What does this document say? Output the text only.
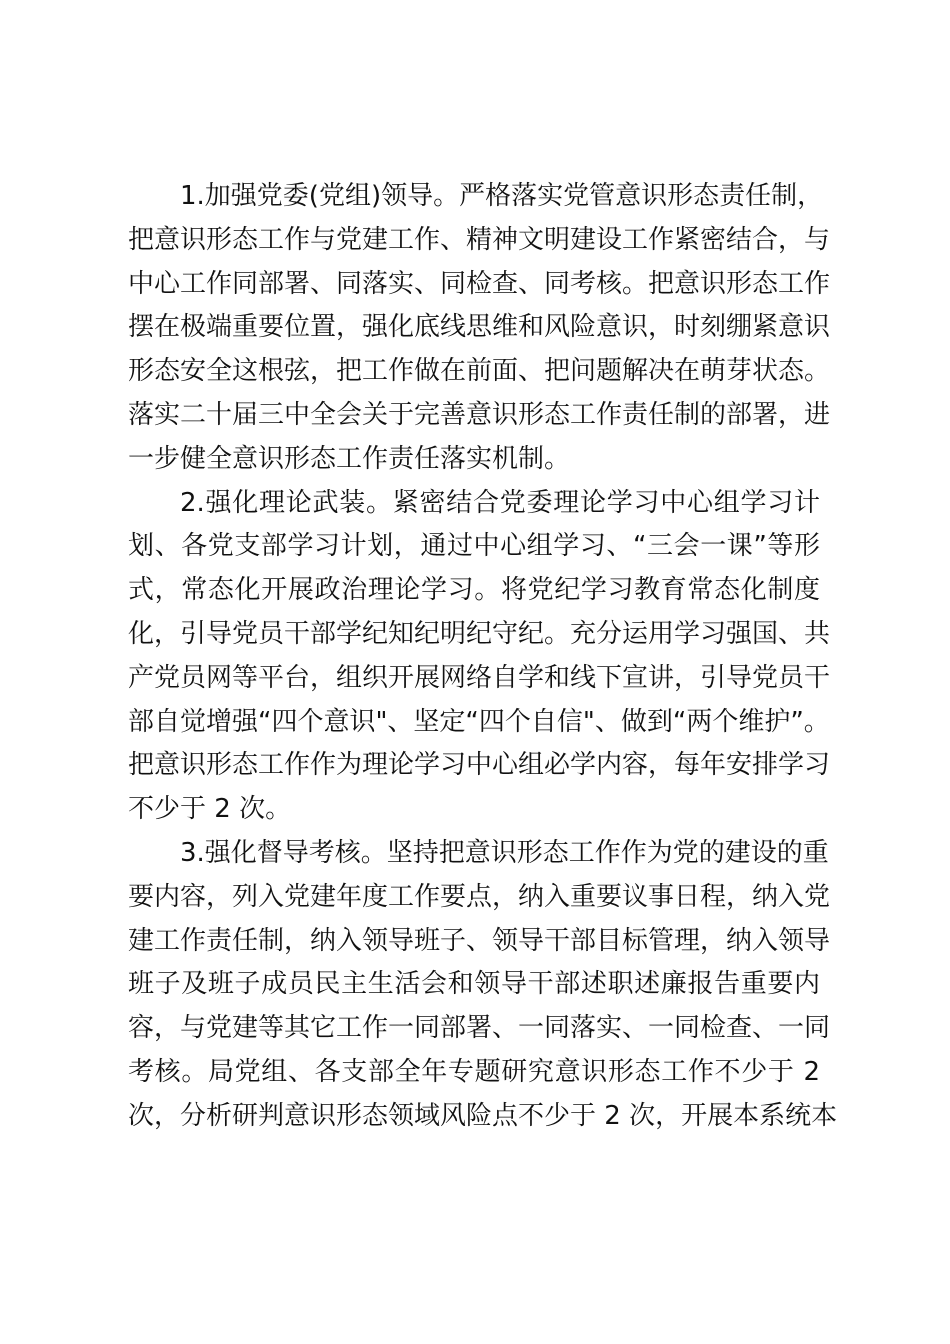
1.加强党委(党组)领导。严格落实党管意识形态责任制，
把意识形态工作与党建工作、精神文明建设工作紧密结合，与
中心工作同部署、同落实、同检查、同考核。把意识形态工作
摆在极端重要位置，强化底线思维和风险意识，时刻绷紧意识
形态安全这根弦，把工作做在前面、把问题解决在萌芽状态。
落实二十届三中全会关于完善意识形态工作责任制的部署，进
一步健全意识形态工作责任落实机制。
2.强化理论武装。紧密结合党委理论学习中心组学习计
划、各党支部学习计划，通过中心组学习、“三会一课”等形
式，常态化开展政治理论学习。将党纪学习教育常态化制度
化，引导党员干部学纪知纪明纪守纪。充分运用学习强国、共
产党员网等平台，组织开展网络自学和线下宣讲，引导党员干
部自觉增强“四个意识"、坚定“四个自信"、做到“两个维护”。
把意识形态工作作为理论学习中心组必学内容，每年安排学习
不少于 2 次。
3.强化督导考核。坚持把意识形态工作作为党的建设的重
要内容，列入党建年度工作要点，纳入重要议事日程，纳入党
建工作责任制，纳入领导班子、领导干部目标管理，纳入领导
班子及班子成员民主生活会和领导干部述职述廉报告重要内
容，与党建等其它工作一同部署、一同落实、一同检查、一同
考核。局党组、各支部全年专题研究意识形态工作不少于 2
次，分析研判意识形态领域风险点不少于 2 次，开展本系统本
